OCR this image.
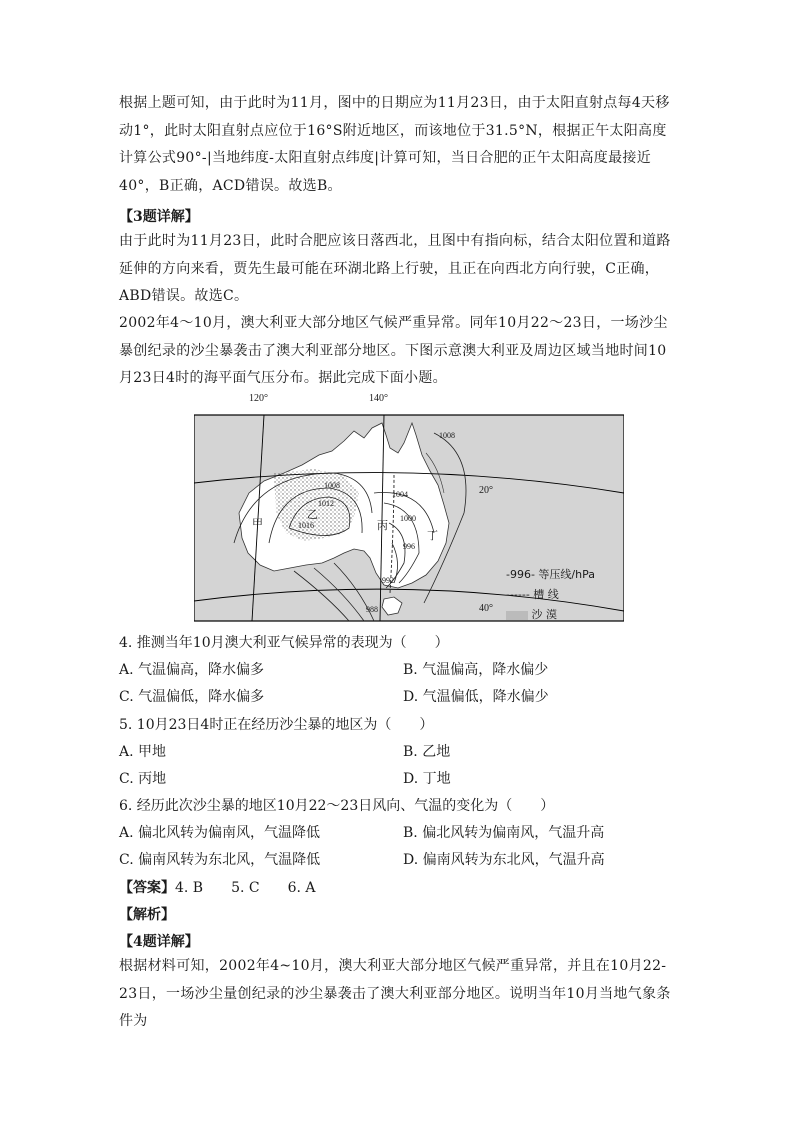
根据上题可知，由于此时为11月，图中的日期应为11月23日，由于太阳直射点每4天移动1°，此时太阳直射点应位于16°S附近地区，而该地位于31.5°N，根据正午太阳高度计算公式90°-|当地纬度-太阳直射点纬度|计算可知，当日合肥的正午太阳高度最接近40°，B正确，ACD错误。故选B。
【3题详解】
由于此时为11月23日，此时合肥应该日落西北，且图中有指向标，结合太阳位置和道路延伸的方向来看，贾先生最可能在环湖北路上行驶，且正在向西北方向行驶，C正确，ABD错误。故选C。
2002年4～10月，澳大利亚大部分地区气候严重异常。同年10月22～23日，一场沙尘暴创纪录的沙尘暴袭击了澳大利亚部分地区。下图示意澳大利亚及周边区域当地时间10月23日4时的海平面气压分布。据此完成下面小题。
120°	140°
20°
40°
1008
1008
1012
1016
1004
1000
996
992
988
甲
乙
丙
丁
-996- 等压线/hPa
------ 槽 线
沙 漠
4. 推测当年10月澳大利亚气候异常的表现为（　　）
A. 气温偏高，降水偏多	B. 气温偏高，降水偏少
C. 气温偏低，降水偏多	D. 气温偏低，降水偏少
5. 10月23日4时正在经历沙尘暴的地区为（　　）
A. 甲地	B. 乙地
C. 丙地	D. 丁地
6. 经历此次沙尘暴的地区10月22～23日风向、气温的变化为（　　）
A. 偏北风转为偏南风，气温降低	B. 偏北风转为偏南风，气温升高
C. 偏南风转为东北风，气温降低	D. 偏南风转为东北风，气温升高
【答案】4. B　　5. C　　6. A
【解析】
【4题详解】
根据材料可知，2002年4~10月，澳大利亚大部分地区气候严重异常，并且在10月22-23日，一场沙尘量创纪录的沙尘暴袭击了澳大利亚部分地区。说明当年10月当地气象条件为
